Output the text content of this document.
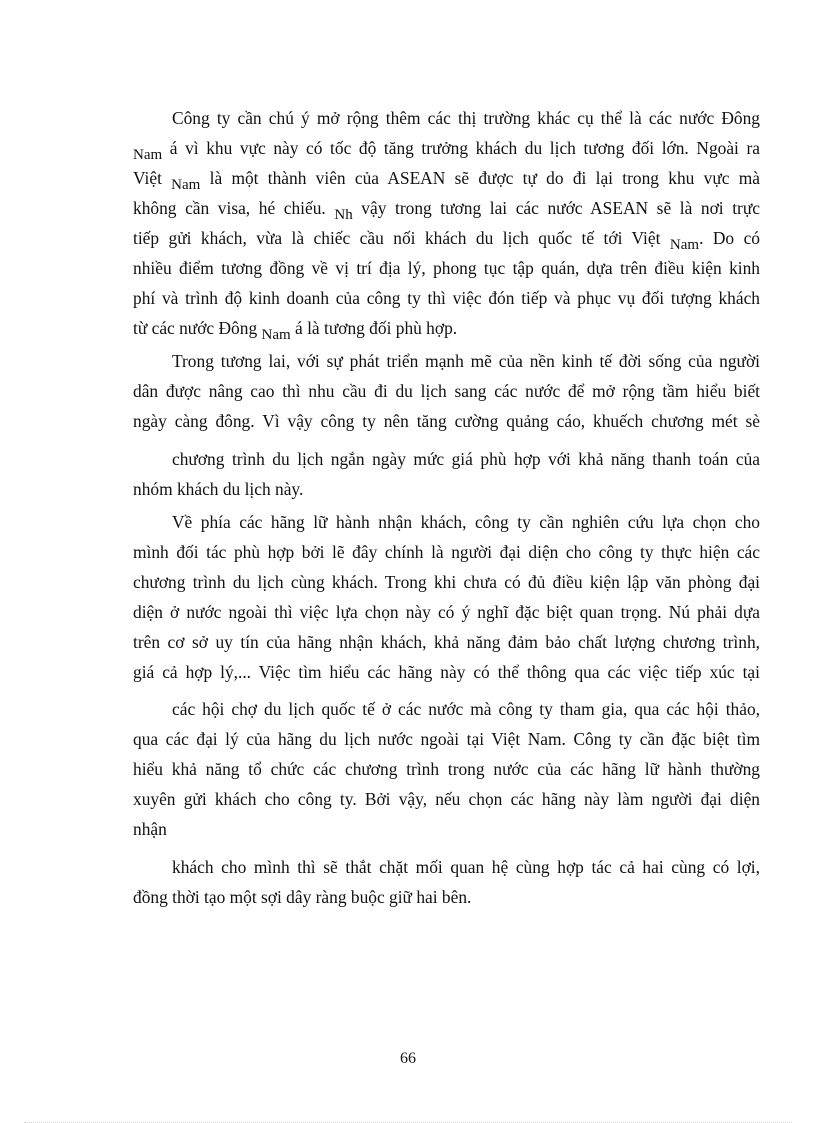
Công ty cần chú ý mở rộng thêm các thị trường khác cụ thể là các nước Đông
Nam á vì khu vực này có tốc độ tăng trưởng khách du lịch tương đối lớn. Ngoài ra
Việt Nam là một thành viên của ASEAN sẽ được tự do đi lại trong khu vực mà
không cần visa, hé chiếu. Nh vậy trong tương lai các nước ASEAN sẽ là nơi trực
tiếp gửi khách, vừa là chiếc cầu nối khách du lịch quốc tế tới Việt Nam. Do có
nhiều điểm tương đồng về vị trí địa lý, phong tục tập quán, dựa trên điều kiện kinh
phí và trình độ kinh doanh của công ty thì việc đón tiếp và phục vụ đối tượng khách
từ các nước Đông Nam á là tương đối phù hợp.
Trong tương lai, với sự phát triển mạnh mẽ của nền kinh tế đời sống của người
dân được nâng cao thì nhu cầu đi du lịch sang các nước để mở rộng tầm hiểu biết
ngày càng đông. Vì vậy công ty nên tăng cường quảng cáo, khuếch chương mét sè
chương trình du lịch ngắn ngày mức giá phù hợp với khả năng thanh toán của
nhóm khách du lịch này.
Về phía các hãng lữ hành nhận khách, công ty cần nghiên cứu lựa chọn cho
mình đối tác phù hợp bởi lẽ đây chính là người đại diện cho công ty thực hiện các
chương trình du lịch cùng khách. Trong khi chưa có đủ điều kiện lập văn phòng đại
diện ở nước ngoài thì việc lựa chọn này có ý nghĩ đặc biệt quan trọng. Nú phải dựa
trên cơ sở uy tín của hãng nhận khách, khả năng đảm bảo chất lượng chương trình,
giá cả hợp lý,... Việc tìm hiểu các hãng này có thể thông qua các việc tiếp xúc tại
các hội chợ du lịch quốc tế ở các nước mà công ty tham gia, qua các hội thảo,
qua các đại lý của hãng du lịch nước ngoài tại Việt Nam. Công ty cần đặc biệt tìm
hiểu khả năng tổ chức các chương trình trong nước của các hãng lữ hành thường
xuyên gửi khách cho công ty. Bởi vậy, nếu chọn các hãng này làm người đại diện
nhận
khách cho mình thì sẽ thắt chặt mối quan hệ cùng hợp tác cả hai cùng có lợi,
đồng thời tạo một sợi dây ràng buộc giữ hai bên.
66
